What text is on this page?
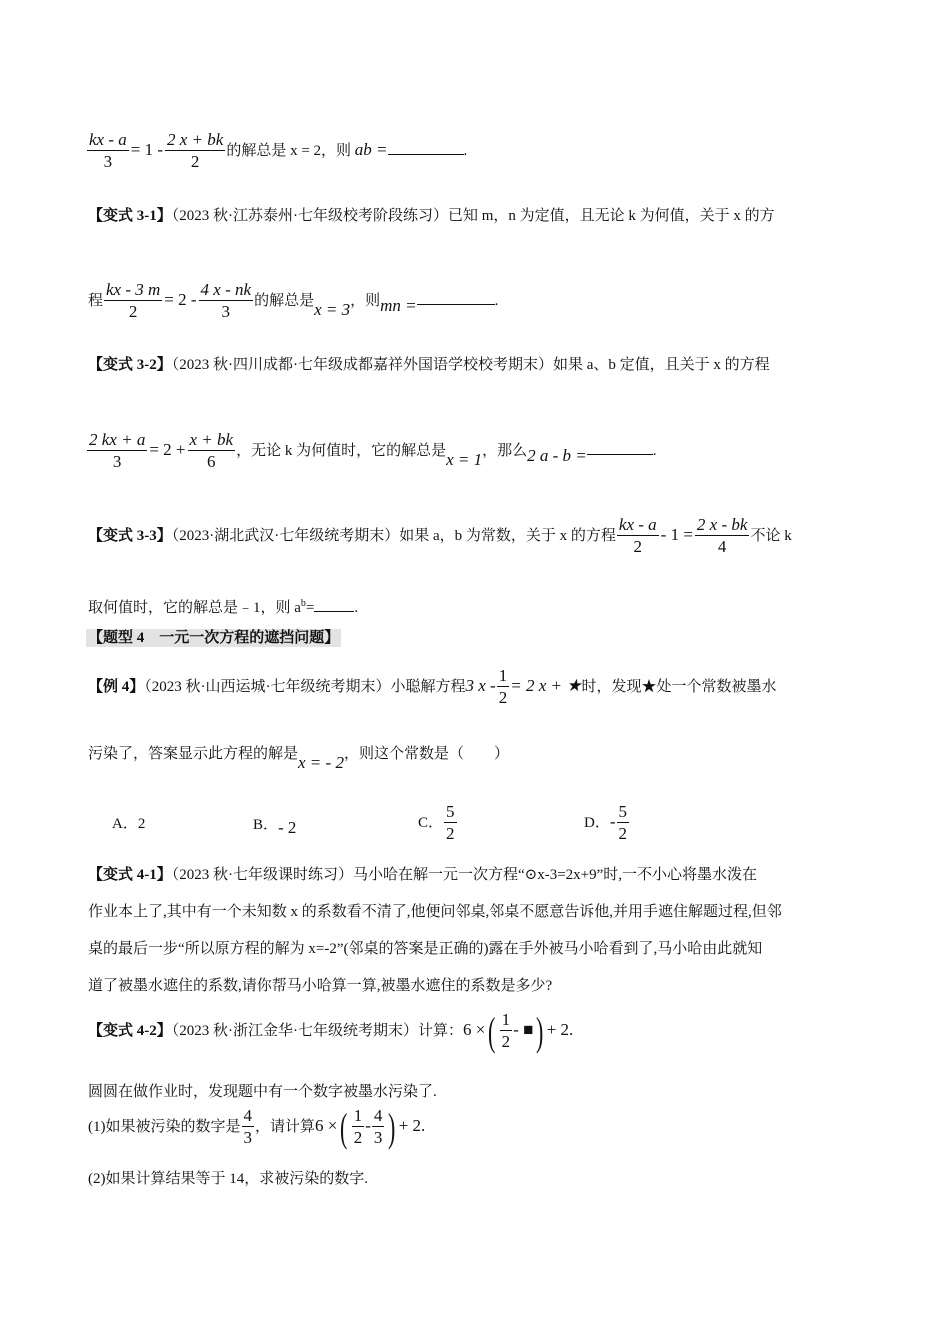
$\frac{kx - a}{3} = 1 - \frac{2 x + bk}{2}$ 的解总是 x = 2，则 ab =	.
【变式 3-1】（2023 秋·江苏泰州·七年级校考阶段练习）已知 m，n 为定值，且无论 k 为何值，关于 x 的方
程 $\frac{kx - 3 m}{2} = 2 - \frac{4 x - nk}{3}$ 的解总是x = 3，则mn =	.
【变式 3-2】（2023 秋·四川成都·七年级成都嘉祥外国语学校校考期末）如果 a、b 定值，且关于 x 的方程
$\frac{2 kx + a}{3} = 2 + \frac{x + bk}{6}$ ，无论 k 为何值时，它的解总是x = 1，那么2 a - b =	.
【变式 3-3】（2023·湖北武汉·七年级统考期末）如果 a，b 为常数，关于 x 的方程 $\frac{kx - a}{2} - 1 = \frac{2 x - bk}{4}$ 不论 k
取何值时，它的解总是﹣1，则 $a^b=$	.
【题型 4　一元一次方程的遮挡问题】
【例 4】（2023 秋·山西运城·七年级统考期末）小聪解方程3 $x - \frac{1}{2} = 2$ x + ★时，发现★处一个常数被墨水
污染了，答案显示此方程的解是x = - 2，则这个常数是（　　）
A．2	B．- 2	C． $\frac{5}{2}$	D．- $\frac{5}{2}$
【变式 4-1】（2023 秋·七年级课时练习）马小哈在解一元一次方程“⊙x-3=2x+9”时,一不小心将墨水泼在
作业本上了,其中有一个未知数 x 的系数看不清了,他便问邻桌,邻桌不愿意告诉他,并用手遮住解题过程,但邻
桌的最后一步“所以原方程的解为 x=-2”(邻桌的答案是正确的)露在手外被马小哈看到了,马小哈由此就知
道了被墨水遮住的系数,请你帮马小哈算一算,被墨水遮住的系数是多少?
【变式 4-2】（2023 秋·浙江金华·七年级统考期末）计算：6 ×( $\frac{1}{2}$ - ■) + 2.
圆圆在做作业时，发现题中有一个数字被墨水污染了.
(1)如果被污染的数字是 $\frac{4}{3}$ ，请计算6 ×( $\frac{1}{2} - \frac{4}{3}$ ) + 2.
(2)如果计算结果等于 14，求被污染的数字.
